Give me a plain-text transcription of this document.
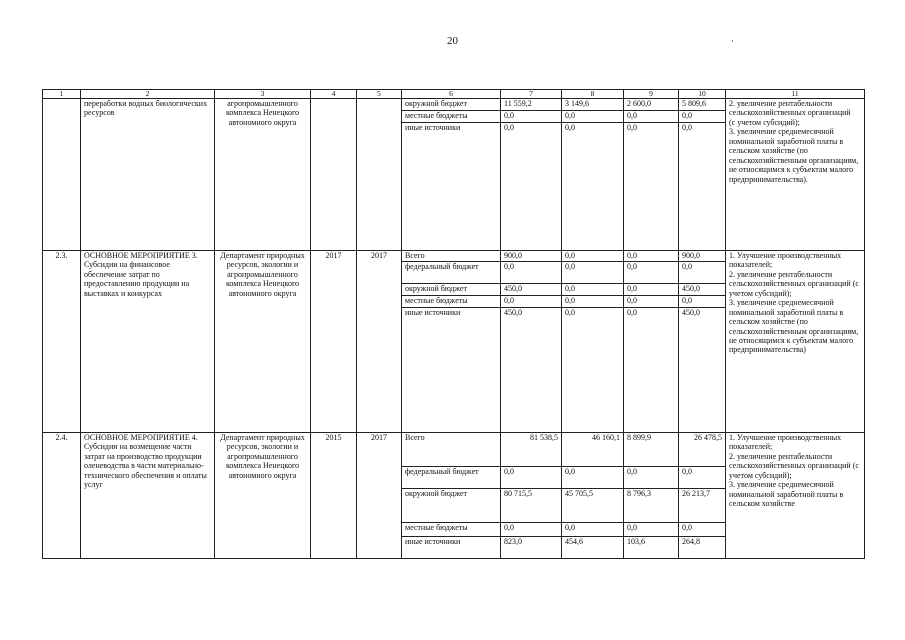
20	·
1	2	3	4	5	6	7	8	9	10	11
	переработки водных биологических ресурсов	агропромышленного комплекса Ненецкого автономного округа			окружной бюджет	11 559,2	3 149,6	2 600,0	5 809,6	2. увеличение рентабельности сельскохозяйственных организаций
(с учетом субсидий);
3. увеличение среднемесячной номинальной заработной платы в сельском хозяйстве (по сельскохозяйственным организациям, не относящимся к субъектам малого предпринимательства).

					местные бюджеты	0,0	0,0	0,0	0,0	
					иные источники	0,0	0,0	0,0	0,0	
2.3.	ОСНОВНОЕ МЕРОПРИЯТИЕ 3. Субсидии на финансовое обеспечение затрат по предоставлению продукции на выставках и конкурсах	Департамент природных ресурсов, экологии и агропромышленного комплекса Ненецкого автономного округа	2017	2017	Всего	900,0	0,0	0,0	900,0	1. Улучшение производственных показателей;
2. увеличение рентабельности сельскохозяйственных организаций (с учетом субсидий);
3. увеличение среднемесячной номинальной заработной платы в сельском хозяйстве (по сельскохозяйственным организациям, не относящимся к субъектам малого предпринимательства)

					федеральный бюджет	0,0	0,0	0,0	0,0	
					окружной бюджет	450,0	0,0	0,0	450,0	
					местные бюджеты	0,0	0,0	0,0	0,0	
					иные источники	450,0	0,0	0,0	450,0	
2.4.	ОСНОВНОЕ МЕРОПРИЯТИЕ 4. Субсидии на возмещение части затрат на производство продукции оленеводства в части материально-технического обеспечения и оплаты услуг	Департамент природных ресурсов, экологии и агропромышленного комплекса Ненецкого автономного округа	2015	2017	Всего	81 538,5	46 160,1	8 899,9	26 478,5	1. Улучшение производственных показателей;
2. увеличение рентабельности сельскохозяйственных организаций (с учетом субсидий);
3. увеличение среднемесячной номинальной заработной платы в сельском хозяйстве

					федеральный бюджет	0,0	0,0	0,0	0,0	
					окружной бюджет	80 715,5	45 705,5	8 796,3	26 213,7	
					местные бюджеты	0,0	0,0	0,0	0,0	
					иные источники	823,0	454,6	103,6	264,8	
